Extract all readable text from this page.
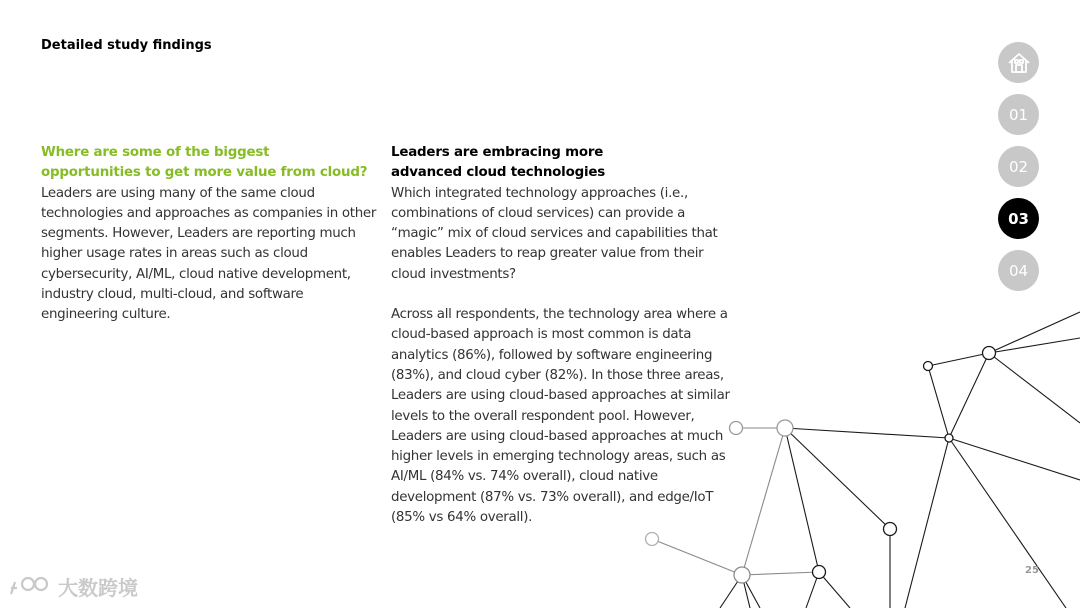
Detailed study findings
Where are some of the biggest
opportunities to get more value from cloud?

Leaders are using many of the same cloud technologies and approaches as companies in other segments. However, Leaders are reporting much higher usage rates in areas such as cloud cybersecurity, AI/ML, cloud native development, industry cloud, multi-cloud, and software engineering culture.

Leaders are embracing more
advanced cloud technologies

Which integrated technology approaches (i.e., combinations of cloud services) can provide a “magic” mix of cloud services and capabilities that enables Leaders to reap greater value from their cloud investments?

Across all respondents, the technology area where a cloud-based approach is most common is data analytics (86%), followed by software engineering (83%), and cloud cyber (82%). In those three areas, Leaders are using cloud-based approaches at similar levels to the overall respondent pool. However, Leaders are using cloud-based approaches at much higher levels in emerging technology areas, such as AI/ML (84% vs. 74% overall), cloud native development (87% vs. 73% overall), and edge/IoT (85% vs 64% overall).

01
02
03
04
25
大数跨境
